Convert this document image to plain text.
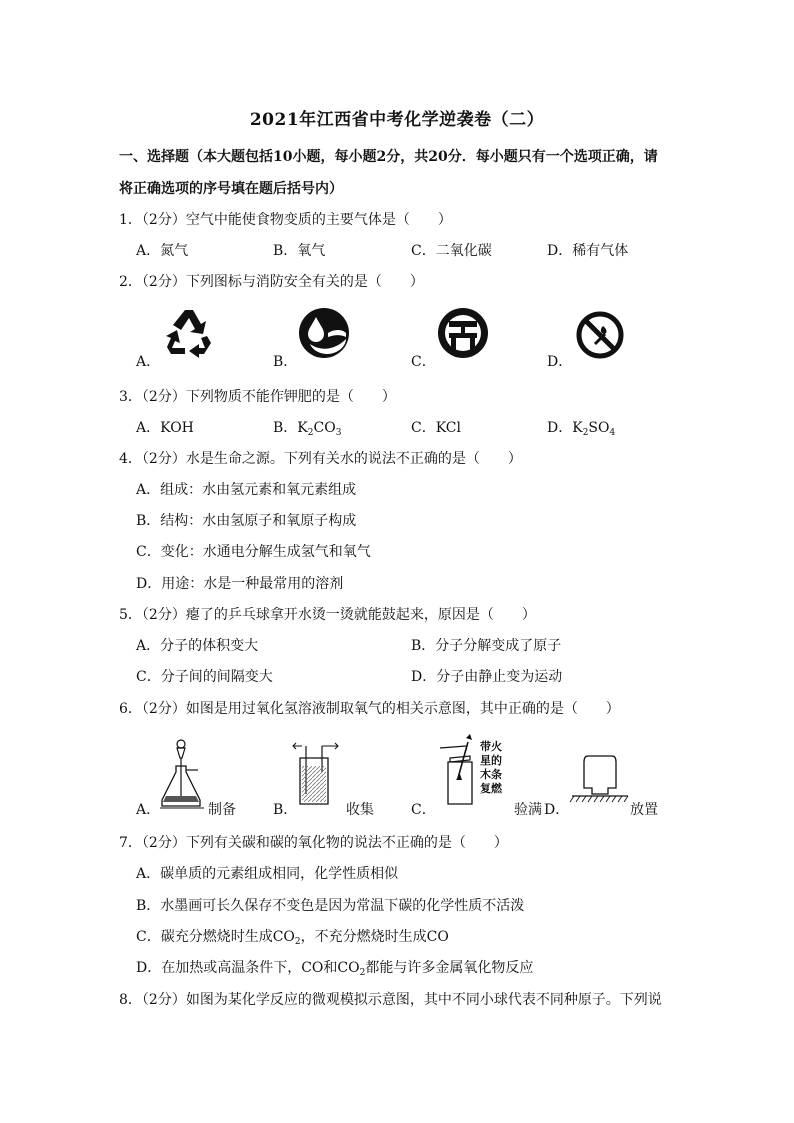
2021年江西省中考化学逆袭卷（二）
一、选择题（本大题包括10小题，每小题2分，共20分．每小题只有一个选项正确，请
将正确选项的序号填在题后括号内）
1．（2分）空气中能使食物变质的主要气体是（　　）
A．氮气	B．氧气	C．二氧化碳	D．稀有气体
2．（2分）下列图标与消防安全有关的是（　　）
A．	B．	C．	D．
3．（2分）下列物质不能作钾肥的是（　　）
A．KOH	B．$K_2CO_3$	C．KCl	D．$K_2SO_4$
4．（2分）水是生命之源。下列有关水的说法不正确的是（　　）
A．组成：水由氢元素和氧元素组成
B．结构：水由氢原子和氧原子构成
C．变化：水通电分解生成氢气和氧气
D．用途：水是一种最常用的溶剂
5．（2分）瘪了的乒乓球拿开水烫一烫就能鼓起来，原因是（　　）
A．分子的体积变大	B．分子分解变成了原子
C．分子间的间隔变大	D．分子由静止变为运动
6．（2分）如图是用过氧化氢溶液制取氧气的相关示意图，其中正确的是（　　）
A．	制备	B．	收集	C．
带火
星的
木条
复燃
验满 D．	放置
7．（2分）下列有关碳和碳的氧化物的说法不正确的是（　　）
A．碳单质的元素组成相同，化学性质相似
B．水墨画可长久保存不变色是因为常温下碳的化学性质不活泼
C．碳充分燃烧时生成$CO_2$，不充分燃烧时生成CO
D．在加热或高温条件下，CO和$CO_2$都能与许多金属氧化物反应
8．（2分）如图为某化学反应的微观模拟示意图，其中不同小球代表不同种原子。下列说
